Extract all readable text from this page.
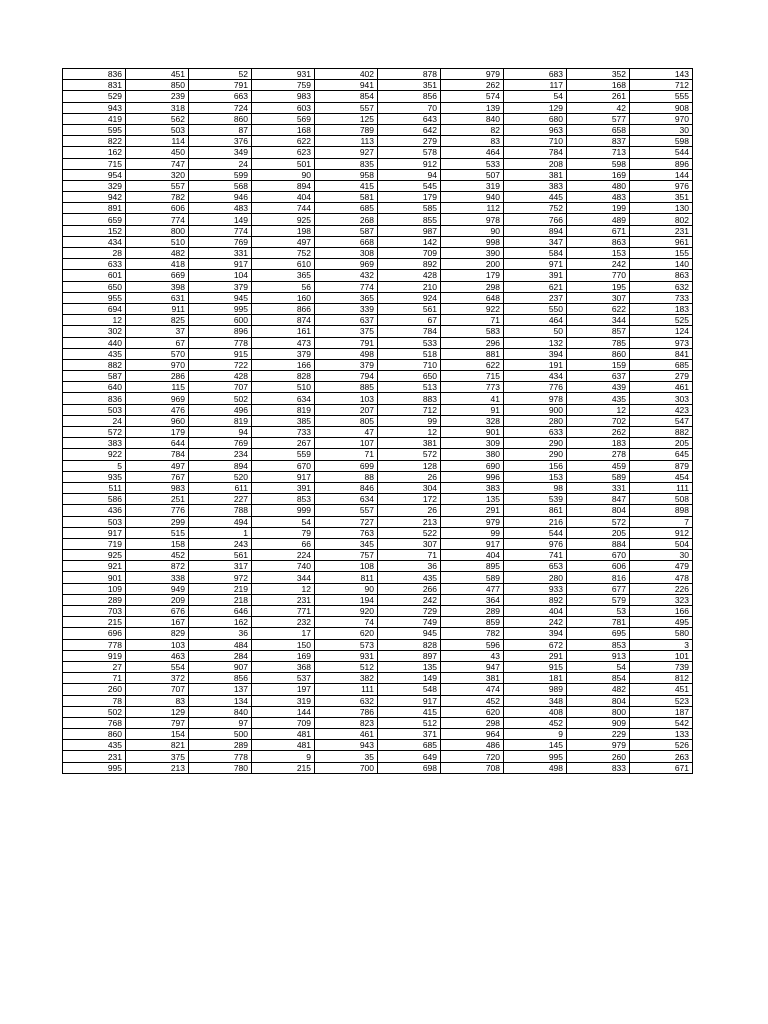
836	451	52	931	402	878	979	683	352	143
831	850	791	759	941	351	262	117	168	712
529	239	663	983	854	856	574	54	261	555
943	318	724	603	557	70	139	129	42	908
419	562	860	569	125	643	840	680	577	970
595	503	87	168	789	642	82	963	658	30
822	114	376	622	113	279	83	710	837	598
162	450	349	623	927	578	464	784	713	544
715	747	24	501	835	912	533	208	598	896
954	320	599	90	958	94	507	381	169	144
329	557	568	894	415	545	319	383	480	976
942	782	946	404	581	179	940	445	483	351
891	606	483	744	685	585	112	752	199	130
659	774	149	925	268	855	978	766	489	802
152	800	774	198	587	987	90	894	671	231
434	510	769	497	668	142	998	347	863	961
28	482	331	752	308	709	390	584	153	155
633	418	917	610	969	892	200	971	242	140
601	669	104	365	432	428	179	391	770	863
650	398	379	56	774	210	298	621	195	632
955	631	945	160	365	924	648	237	307	733
694	911	995	866	339	561	922	550	622	183
12	825	600	874	637	67	71	464	344	525
302	37	896	161	375	784	583	50	857	124
440	67	778	473	791	533	296	132	785	973
435	570	915	379	498	518	881	394	860	841
882	970	722	166	379	710	622	191	159	685
587	286	428	828	794	650	715	434	637	279
640	115	707	510	885	513	773	776	439	461
836	969	502	634	103	883	41	978	435	303
503	476	496	819	207	712	91	900	12	423
24	960	819	385	805	99	328	280	702	547
572	179	94	733	47	12	901	633	262	882
383	644	769	267	107	381	309	290	183	205
922	784	234	559	71	572	380	290	278	645
5	497	894	670	699	128	690	156	459	879
935	767	520	917	88	26	996	153	589	454
511	983	611	391	846	304	383	98	331	111
586	251	227	853	634	172	135	539	847	508
436	776	788	999	557	26	291	861	804	898
503	299	494	54	727	213	979	216	572	7
917	515	1	79	763	522	99	544	205	912
719	158	243	66	345	307	917	976	884	504
925	452	561	224	757	71	404	741	670	30
921	872	317	740	108	36	895	653	606	479
901	338	972	344	811	435	589	280	816	478
109	949	219	12	90	266	477	933	677	226
289	209	218	231	194	242	364	892	579	323
703	676	646	771	920	729	289	404	53	166
215	167	162	232	74	749	859	242	781	495
696	829	36	17	620	945	782	394	695	580
778	103	484	150	573	828	596	672	853	3
919	463	284	169	931	897	43	291	913	101
27	554	907	368	512	135	947	915	54	739
71	372	856	537	382	149	381	181	854	812
260	707	137	197	111	548	474	989	482	451
78	83	134	319	632	917	452	348	804	523
502	129	840	144	786	415	620	408	800	187
768	797	97	709	823	512	298	452	909	542
860	154	500	481	461	371	964	9	229	133
435	821	289	481	943	685	486	145	979	526
231	375	778	9	35	649	720	995	260	263
995	213	780	215	700	698	708	498	833	671
